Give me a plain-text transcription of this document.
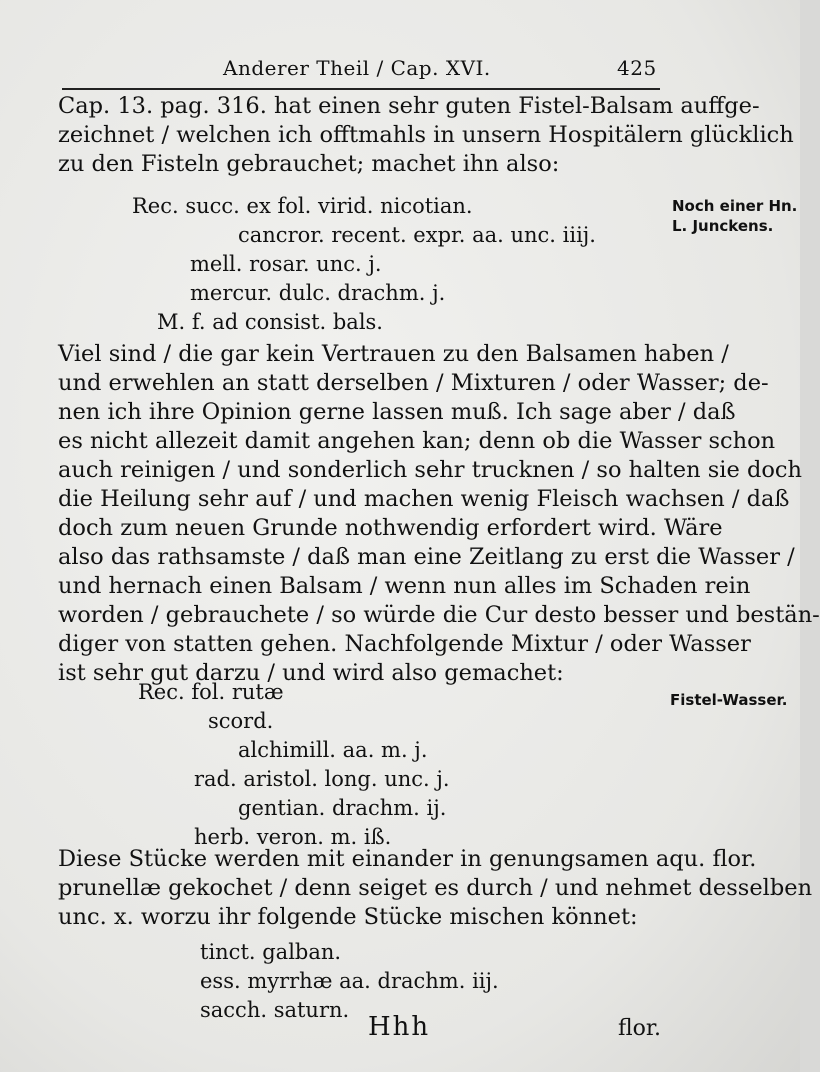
Anderer Theil / Cap. XVI.	425
Cap. 13. pag. 316. hat einen sehr guten Fistel-Balsam auffge-
zeichnet / welchen ich offtmahls in unsern Hospitälern glücklich
zu den Fisteln gebrauchet; machet ihn also:
Rec. succ. ex fol. virid. nicotian.
cancror. recent. expr. aa. unc. iiij.
mell. rosar. unc. j.
mercur. dulc. drachm. j.
M. f. ad consist. bals.
Viel sind / die gar kein Vertrauen zu den Balsamen haben /
und erwehlen an statt derselben / Mixturen / oder Wasser; de-
nen ich ihre Opinion gerne lassen muß. Ich sage aber / daß
es nicht allezeit damit angehen kan; denn ob die Wasser schon
auch reinigen / und sonderlich sehr trucknen / so halten sie doch
die Heilung sehr auf / und machen wenig Fleisch wachsen / daß
doch zum neuen Grunde nothwendig erfordert wird. Wäre
also das rathsamste / daß man eine Zeitlang zu erst die Wasser /
und hernach einen Balsam / wenn nun alles im Schaden rein
worden / gebrauchete / so würde die Cur desto besser und bestän-
diger von statten gehen. Nachfolgende Mixtur / oder Wasser
ist sehr gut darzu / und wird also gemachet:
Rec. fol. rutæ
scord.
alchimill. aa. m. j.
rad. aristol. long. unc. j.
gentian. drachm. ij.
herb. veron. m. iß.
Diese Stücke werden mit einander in genungsamen aqu. flor.
prunellæ gekochet / denn seiget es durch / und nehmet desselben
unc. x. worzu ihr folgende Stücke mischen könnet:
tinct. galban.
ess. myrrhæ aa. drachm. iij.
sacch. saturn.
Noch einer Hn.
L. Junckens.
Fistel-Wasser.
Hhh	flor.
